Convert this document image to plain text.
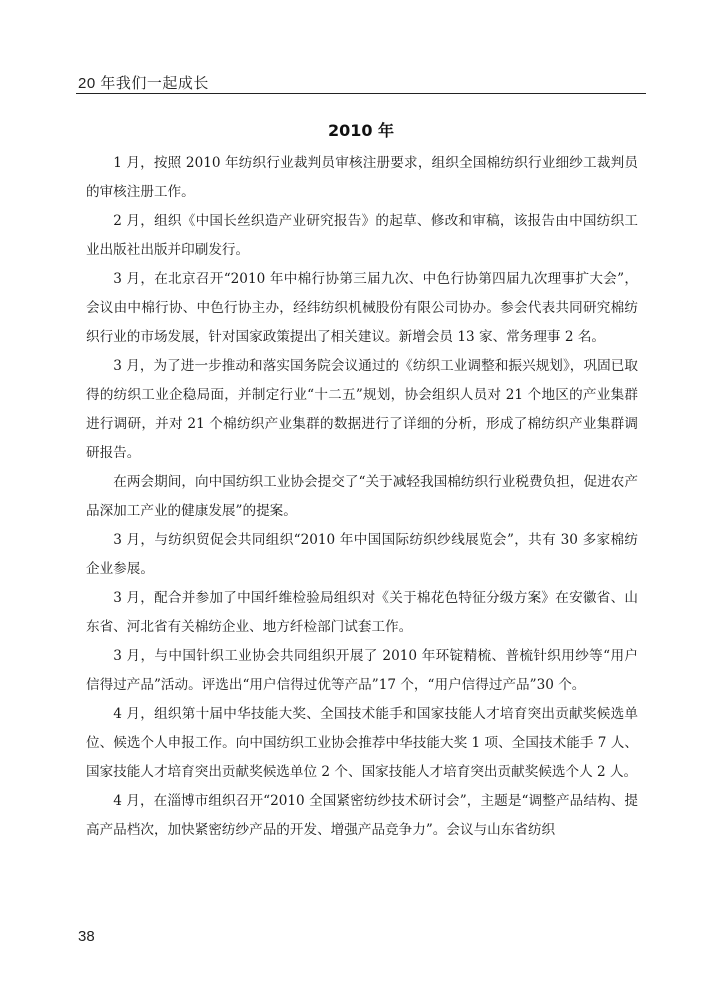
20 年我们一起成长
2010 年

1 月，按照 2010 年纺织行业裁判员审核注册要求，组织全国棉纺织行业细纱工裁判员的审核注册工作。

2 月，组织《中国长丝织造产业研究报告》的起草、修改和审稿，该报告由中国纺织工业出版社出版并印刷发行。

3 月，在北京召开“2010 年中棉行协第三届九次、中色行协第四届九次理事扩大会”，会议由中棉行协、中色行协主办，经纬纺织机械股份有限公司协办。参会代表共同研究棉纺织行业的市场发展，针对国家政策提出了相关建议。新增会员 13 家、常务理事 2 名。

3 月，为了进一步推动和落实国务院会议通过的《纺织工业调整和振兴规划》，巩固已取得的纺织工业企稳局面，并制定行业“十二五”规划，协会组织人员对 21 个地区的产业集群进行调研，并对 21 个棉纺织产业集群的数据进行了详细的分析，形成了棉纺织产业集群调研报告。

在两会期间，向中国纺织工业协会提交了“关于减轻我国棉纺织行业税费负担，促进农产品深加工产业的健康发展”的提案。

3 月，与纺织贸促会共同组织“2010 年中国国际纺织纱线展览会”，共有 30 多家棉纺企业参展。

3 月，配合并参加了中国纤维检验局组织对《关于棉花色特征分级方案》在安徽省、山东省、河北省有关棉纺企业、地方纤检部门试套工作。

3 月，与中国针织工业协会共同组织开展了 2010 年环锭精梳、普梳针织用纱等“用户信得过产品”活动。评选出“用户信得过优等产品”17 个，“用户信得过产品”30 个。

4 月，组织第十届中华技能大奖、全国技术能手和国家技能人才培育突出贡献奖候选单位、候选个人申报工作。向中国纺织工业协会推荐中华技能大奖 1 项、全国技术能手 7 人、国家技能人才培育突出贡献奖候选单位 2 个、国家技能人才培育突出贡献奖候选个人 2 人。

4 月，在淄博市组织召开“2010 全国紧密纺纱技术研讨会”，主题是“调整产品结构、提高产品档次，加快紧密纺纱产品的开发、增强产品竞争力”。会议与山东省纺织

38
